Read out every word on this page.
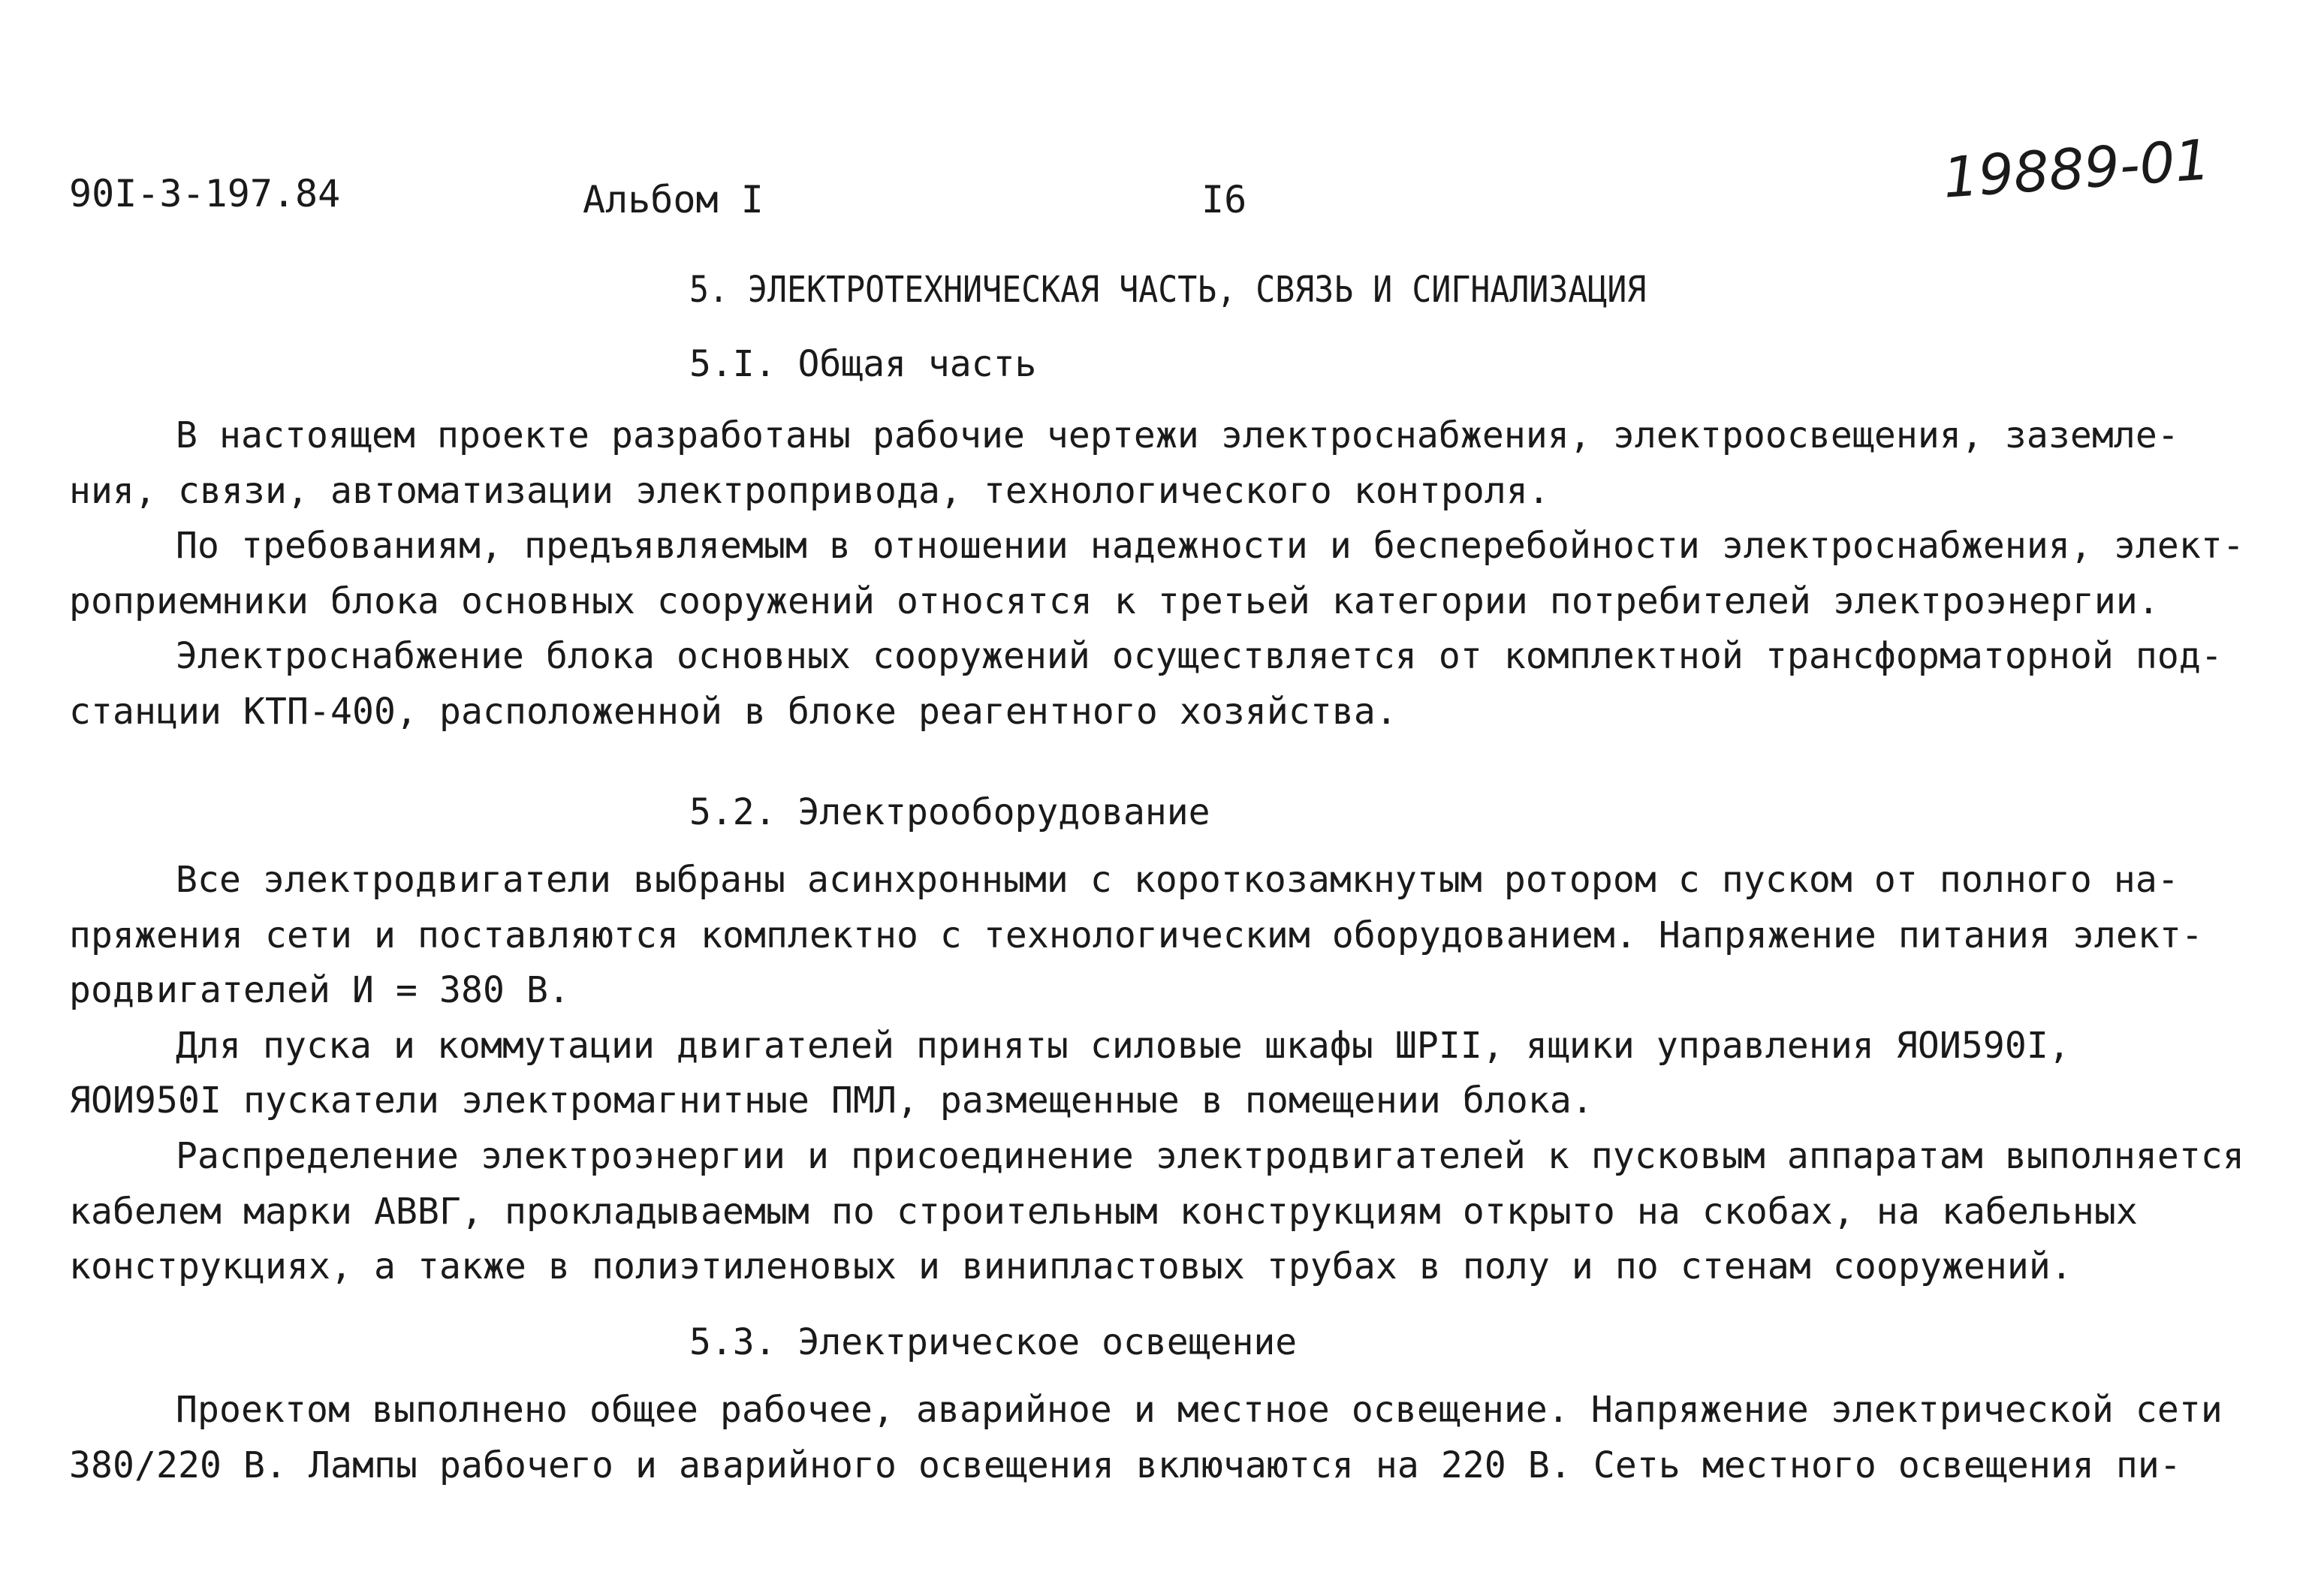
90I-3-197.84	Альбом I	I6	19889-01
5. ЭЛЕКТРОТЕХНИЧЕСКАЯ ЧАСТЬ, СВЯЗЬ И СИГНАЛИЗАЦИЯ
5.I. Общая часть
В настоящем проекте разработаны рабочие чертежи электроснабжения, электроосвещения, заземле-
ния, связи, автоматизации электропривода, технологического контроля.
По требованиям, предъявляемым в отношении надежности и бесперебойности электроснабжения, элект-
роприемники блока основных сооружений относятся к третьей категории потребителей электроэнергии.
Электроснабжение блока основных сооружений осуществляется от комплектной трансформаторной под-
станции КТП-400, расположенной в блоке реагентного хозяйства.
5.2. Электрооборудование
Все электродвигатели выбраны асинхронными с короткозамкнутым ротором с пуском от полного на-
пряжения сети и поставляются комплектно с технологическим оборудованием. Напряжение питания элект-
родвигателей И = 380 В.
Для пуска и коммутации двигателей приняты силовые шкафы ШРII, ящики управления ЯОИ590I,
ЯОИ950I пускатели электромагнитные ПМЛ, размещенные в помещении блока.
Распределение электроэнергии и присоединение электродвигателей к пусковым аппаратам выполняется
кабелем марки АВВГ, прокладываемым по строительным конструкциям открыто на скобах, на кабельных
конструкциях, а также в полиэтиленовых и винипластовых трубах в полу и по стенам сооружений.
5.3. Электрическое освещение
Проектом выполнено общее рабочее, аварийное и местное освещение. Напряжение электрической сети
380/220 В. Лампы рабочего и аварийного освещения включаются на 220 В. Сеть местного освещения пи-
